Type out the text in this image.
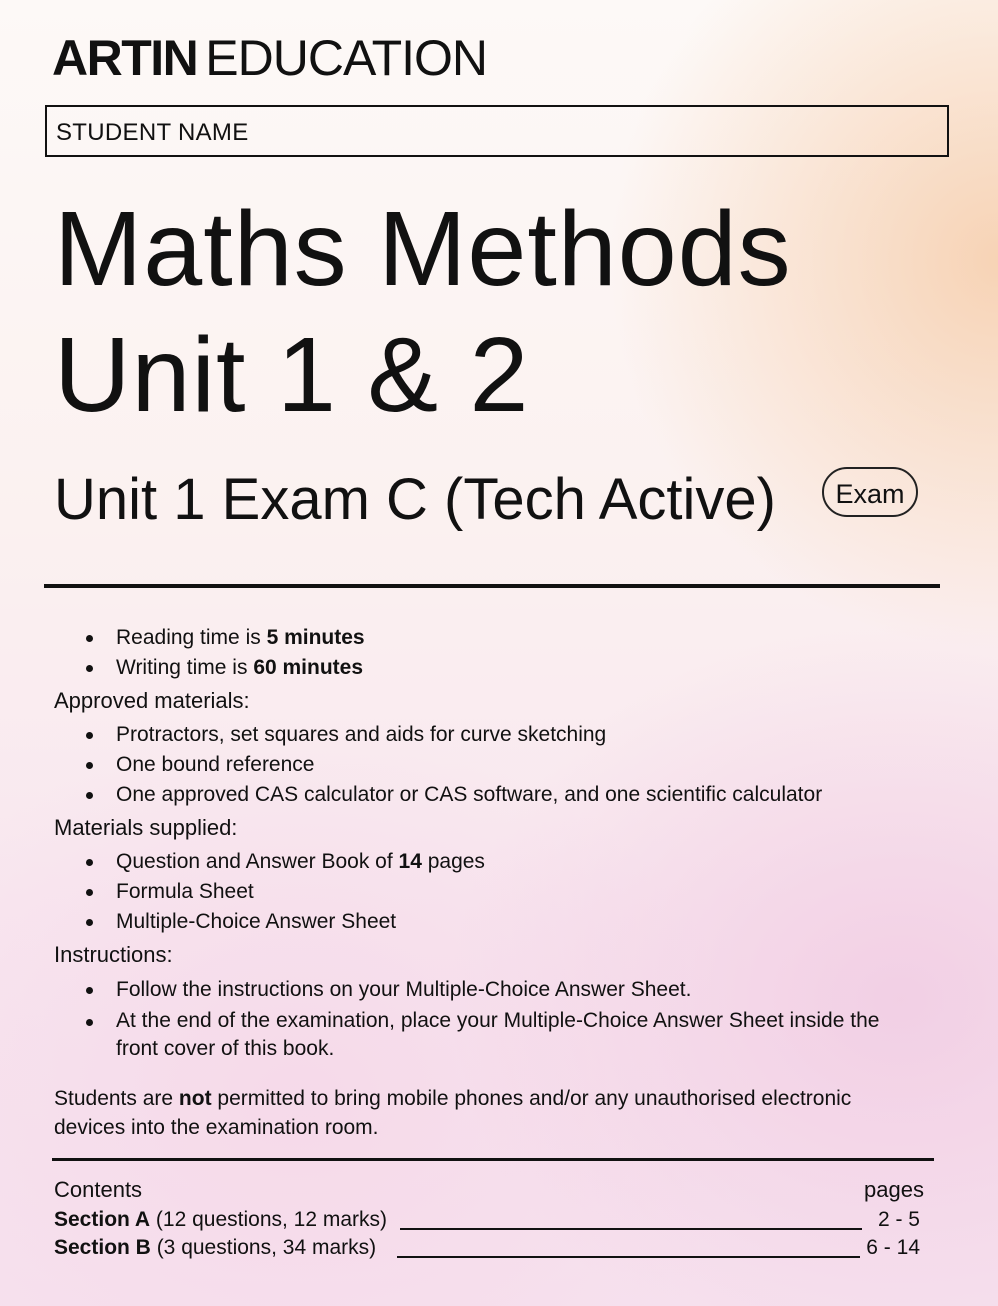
ARTIN EDUCATION
STUDENT NAME
Maths Methods
Unit 1 & 2
Unit 1 Exam C (Tech Active)	Exam
Reading time is 5 minutes
Writing time is 60 minutes
Approved materials:
Protractors, set squares and aids for curve sketching
One bound reference
One approved CAS calculator or CAS software, and one scientific calculator
Materials supplied:
Question and Answer Book of 14 pages
Formula Sheet
Multiple-Choice Answer Sheet
Instructions:
Follow the instructions on your Multiple-Choice Answer Sheet.
At the end of the examination, place your Multiple-Choice Answer Sheet inside the front cover of this book.
Students are not permitted to bring mobile phones and/or any unauthorised electronic devices into the examination room.
Contents	pages
Section A (12 questions, 12 marks)	2 - 5
Section B (3 questions, 34 marks)	6 - 14
